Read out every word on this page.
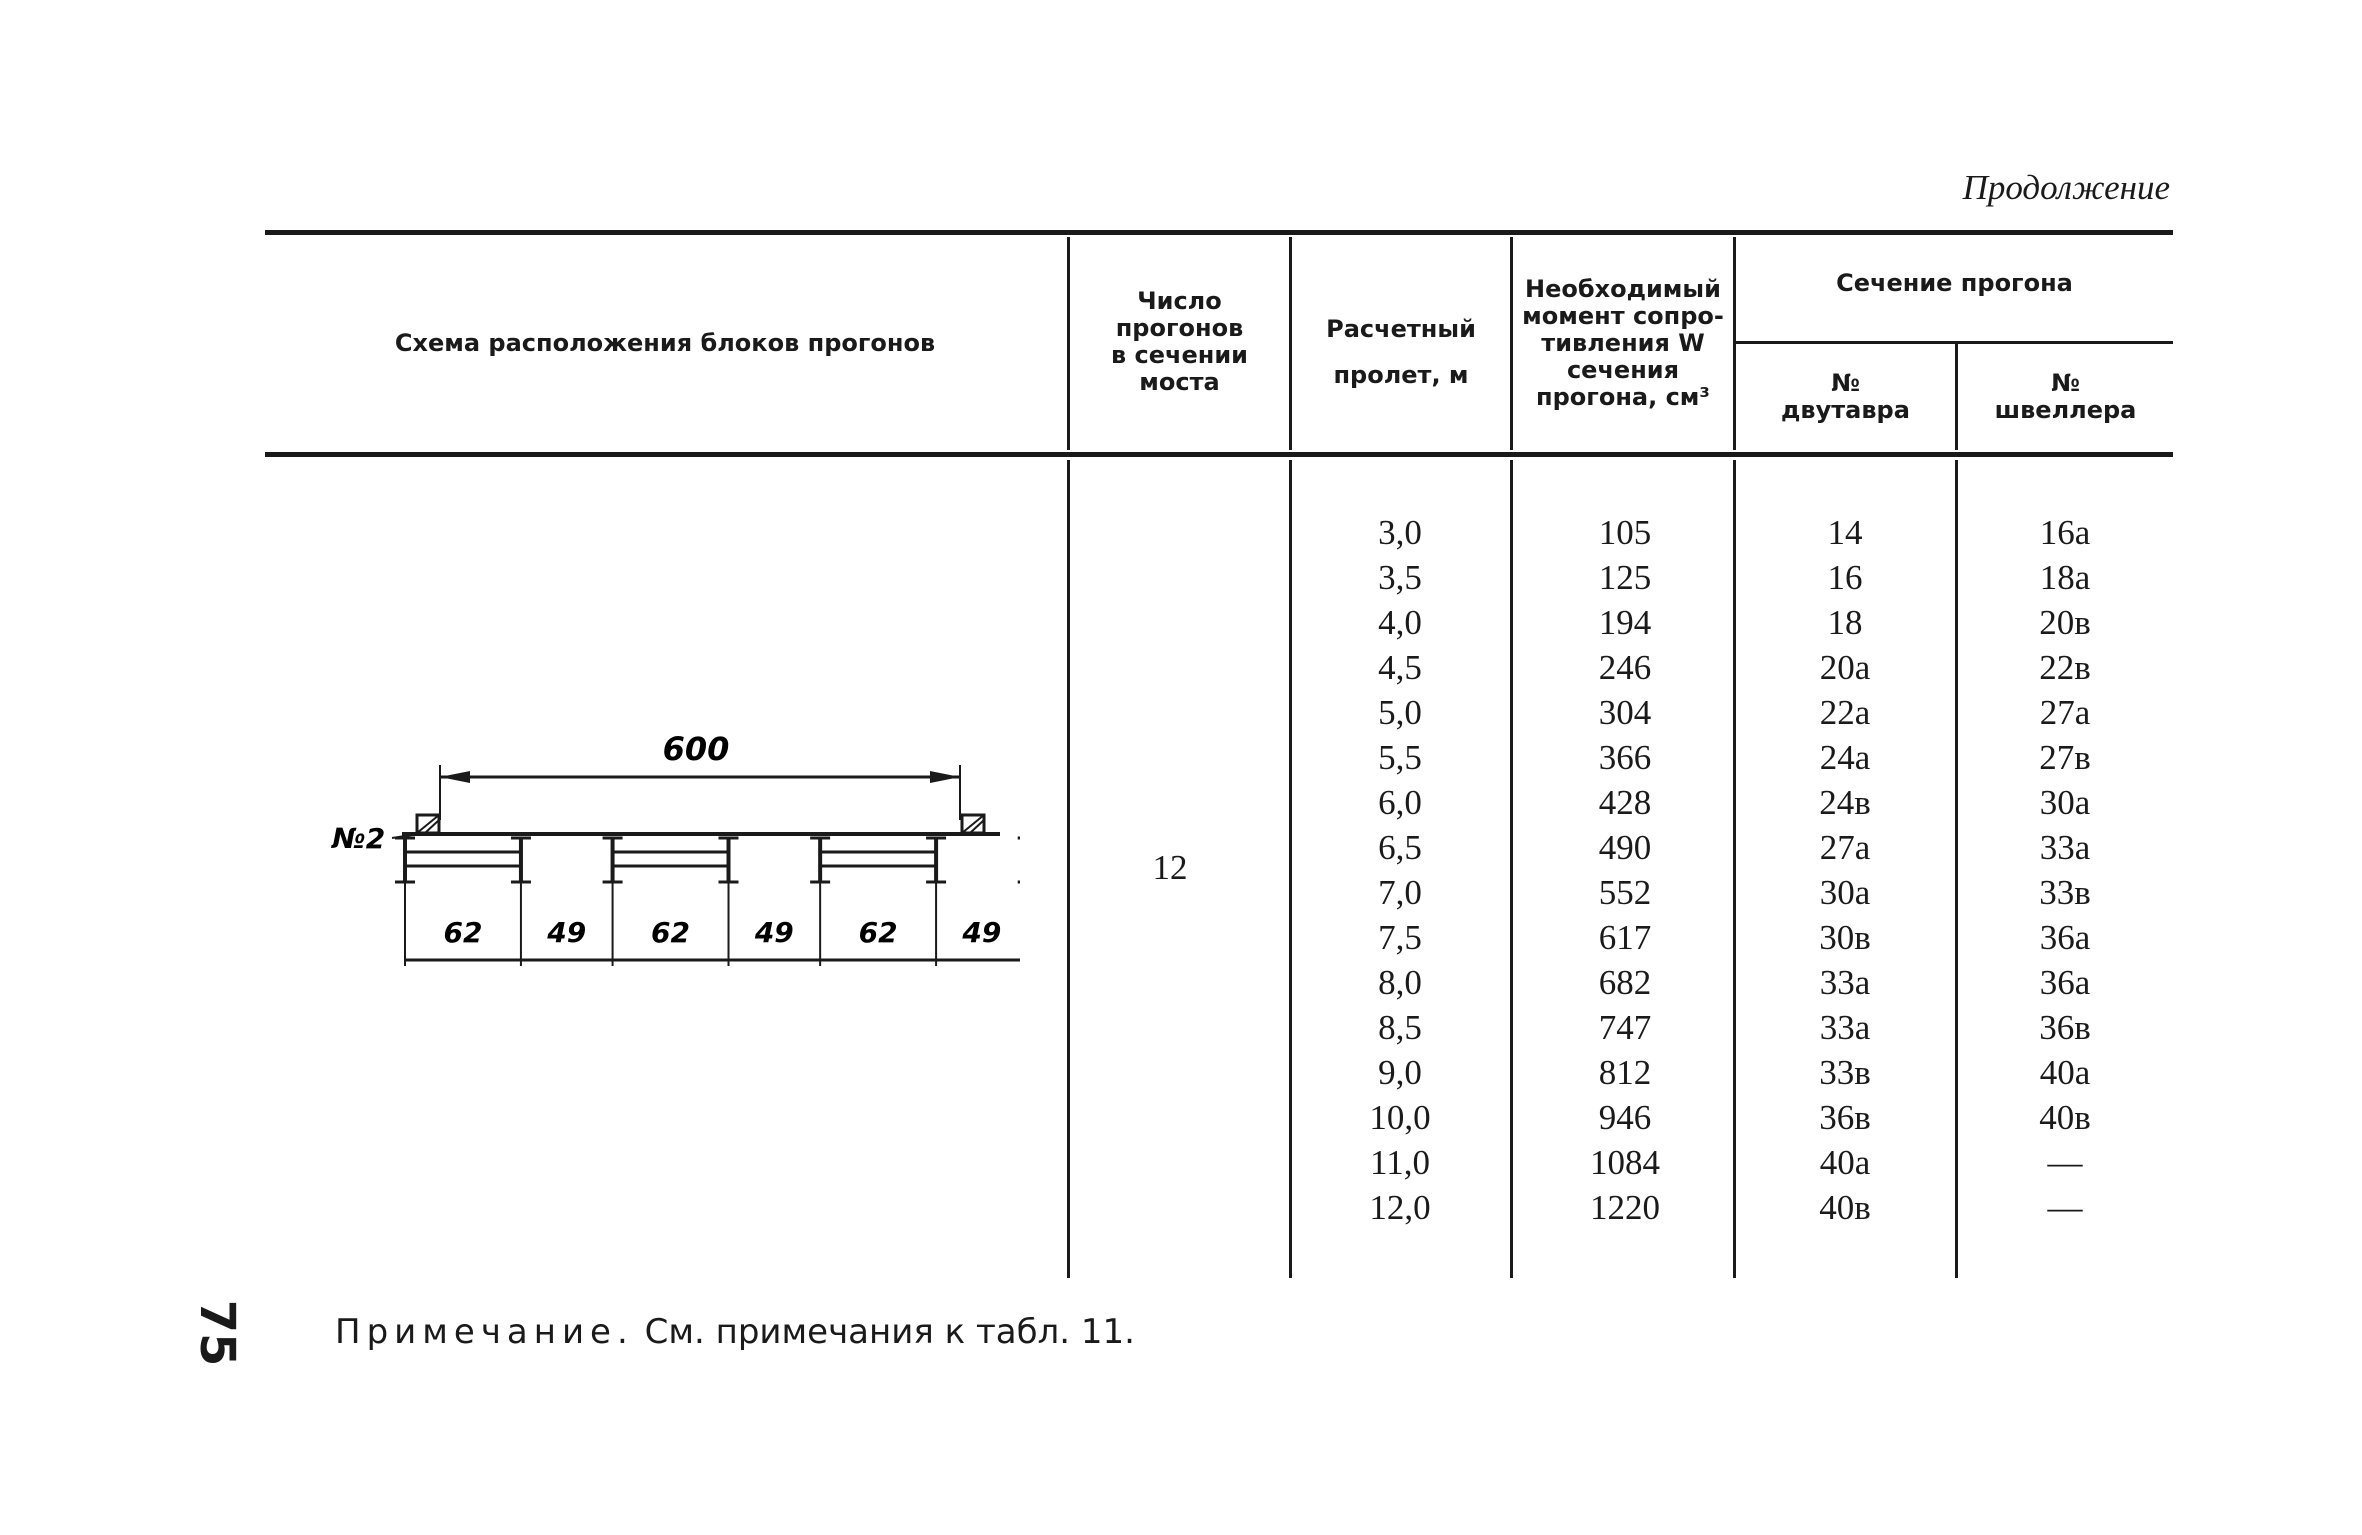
Продолжение
Схема расположения блоков прогонов
Число
прогонов
в сечении
моста
Расчетный
пролет, м
Необходимый
момент сопро-
тивления W
сечения
прогона, см³
Сечение прогона
№
двутавра
№
швеллера
600
№2
62 49 62 49 62 49
12
3,0
3,5
4,0
4,5
5,0
5,5
6,0
6,5
7,0
7,5
8,0
8,5
9,0
10,0
11,0
12,0
105
125
194
246
304
366
428
490
552
617
682
747
812
946
1084
1220
14
16
18
20а
22а
24а
24в
27а
30а
30в
33а
33а
33в
36в
40а
40в
16а
18а
20в
22в
27а
27в
30а
33а
33в
36а
36а
36в
40а
40в
—
—
75	Примечание. См. примечания к табл. 11.
